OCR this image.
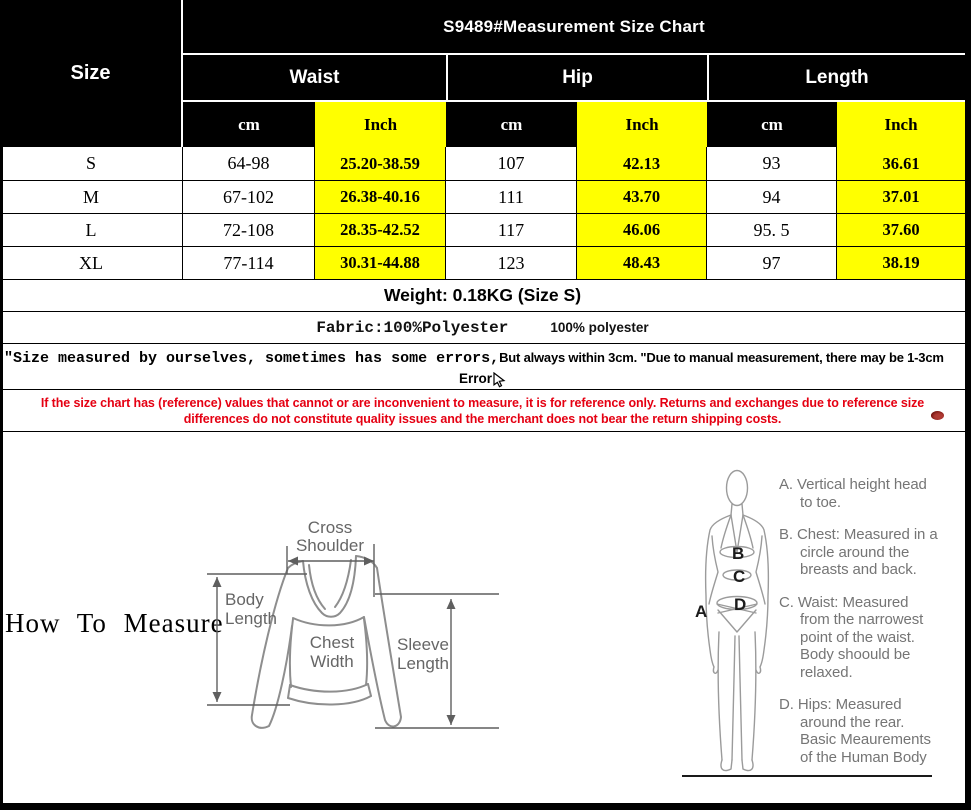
Size
S9489#Measurement Size Chart
Waist	Hip	Length
cm	Inch	cm	Inch	cm	Inch
S	64-98	25.20-38.59	107	42.13	93	36.61
M	67-102	26.38-40.16	111	43.70	94	37.01
L	72-108	28.35-42.52	117	46.06	95. 5	37.60
XL	77-114	30.31-44.88	123	48.43	97	38.19
Weight: 0.18KG (Size S)
Fabric:100%Polyester	100% polyester
"Size measured by ourselves, sometimes has some errors, But always within 3cm. "Due to manual measurement, there may be 1-3cm
Error
If the size chart has (reference) values that cannot or are inconvenient to measure, it is for reference only. Returns and exchanges due to reference size
differences do not constitute quality issues and the merchant does not bear the return shipping costs.
How To Measure
Cross
Shoulder
Body
Length
Chest
Width
Sleeve
Length
A
B
C
D
A. Vertical height head
to toe.
B. Chest: Measured in a
circle around the
breasts and back.
C. Waist: Measured
from the narrowest
point of the waist.
Body shoould be
relaxed.
D. Hips: Measured
around the rear.
Basic Meaurements
of the Human Body
